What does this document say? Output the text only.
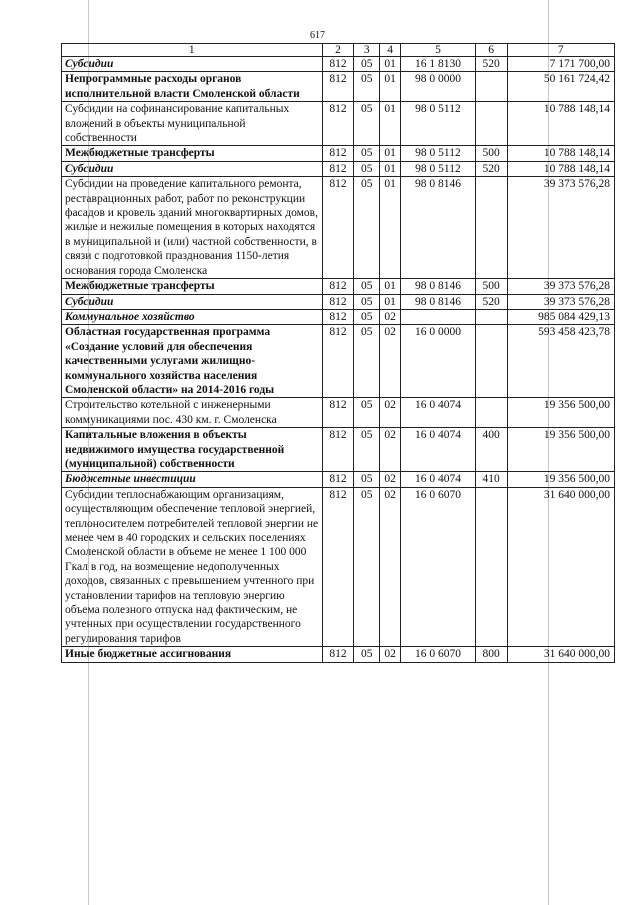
617
1	2	3	4	5	6	7
Субсидии	812	05	01	16 1 8130	520	7 171 700,00
Непрограммные расходы органов исполнительной власти Смоленской области	812	05	01	98 0 0000		50 161 724,42
Субсидии на софинансирование капитальных вложений в объекты муниципальной собственности	812	05	01	98 0 5112		10 788 148,14
Межбюджетные трансферты	812	05	01	98 0 5112	500	10 788 148,14
Субсидии	812	05	01	98 0 5112	520	10 788 148,14
Субсидии на проведение капитального ремонта, реставрационных работ, работ по реконструкции фасадов и кровель зданий многоквартирных домов, жилые и нежилые помещения в которых находятся в муниципальной и (или) частной собственности, в связи с подготовкой празднования 1150-летия основания города Смоленска	812	05	01	98 0 8146		39 373 576,28
Межбюджетные трансферты	812	05	01	98 0 8146	500	39 373 576,28
Субсидии	812	05	01	98 0 8146	520	39 373 576,28
Коммунальное хозяйство	812	05	02			985 084 429,13
Областная государственная программа «Создание условий для обеспечения качественными услугами жилищно-коммунального хозяйства населения Смоленской области» на 2014-2016 годы	812	05	02	16 0 0000		593 458 423,78
Строительство котельной с инженерными коммуникациями пос. 430 км. г. Смоленска	812	05	02	16 0 4074		19 356 500,00
Капитальные вложения в объекты недвижимого имущества государственной (муниципальной) собственности	812	05	02	16 0 4074	400	19 356 500,00
Бюджетные инвестиции	812	05	02	16 0 4074	410	19 356 500,00
Субсидии теплоснабжающим организациям, осуществляющим обеспечение тепловой энергией, теплоносителем потребителей тепловой энергии не менее чем в 40 городских и сельских поселениях Смоленской области в объеме не менее 1 100 000 Гкал в год, на возмещение недополученных доходов, связанных с превышением учтенного при установлении тарифов на тепловую энергию объема полезного отпуска над фактическим, не учтенных при осуществлении государственного регулирования тарифов	812	05	02	16 0 6070		31 640 000,00
Иные бюджетные ассигнования	812	05	02	16 0 6070	800	31 640 000,00
